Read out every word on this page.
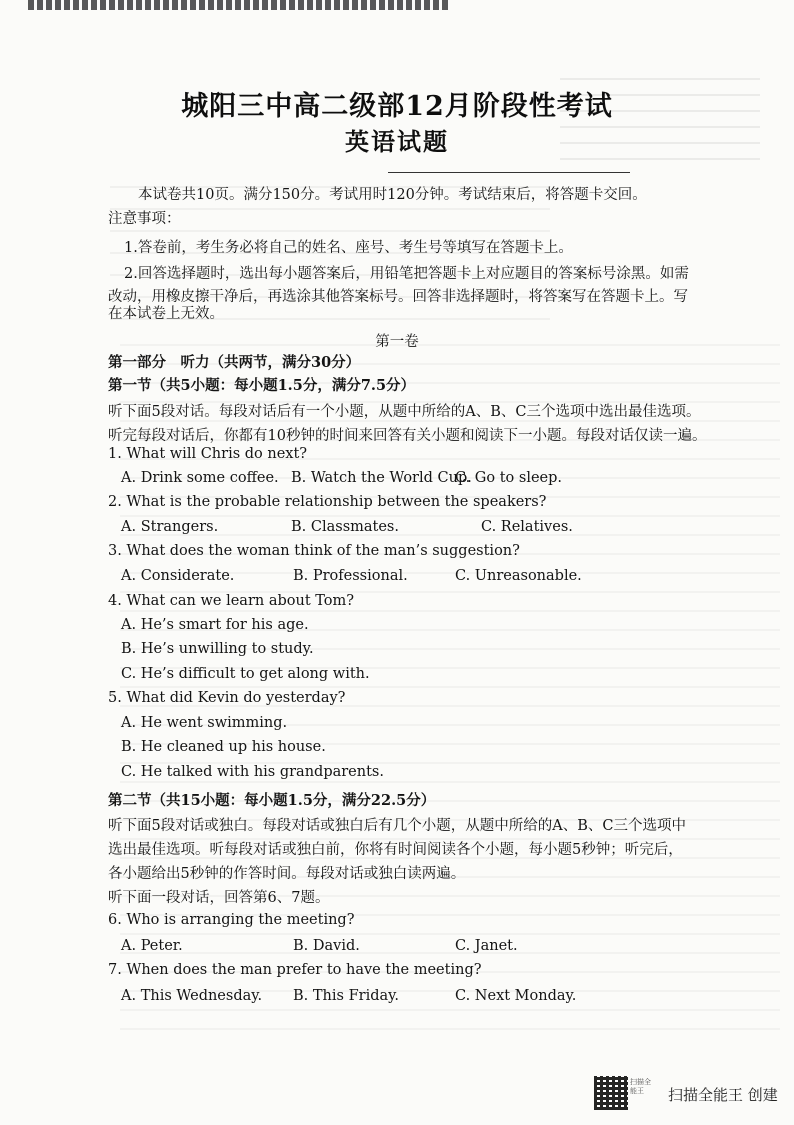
城阳三中高二级部12月阶段性考试
英语试题
本试卷共10页。满分150分。考试用时120分钟。考试结束后，将答题卡交回。
注意事项：
1.答卷前，考生务必将自己的姓名、座号、考生号等填写在答题卡上。
2.回答选择题时，选出每小题答案后，用铅笔把答题卡上对应题目的答案标号涂黑。如需
改动，用橡皮擦干净后，再选涂其他答案标号。回答非选择题时，将答案写在答题卡上。写
在本试卷上无效。
第一卷
第一部分　听力（共两节，满分30分）
第一节（共5小题：每小题1.5分，满分7.5分）
听下面5段对话。每段对话后有一个小题，从题中所给的A、B、C三个选项中选出最佳选项。
听完每段对话后，你都有10秒钟的时间来回答有关小题和阅读下一小题。每段对话仅读一遍。
1. What will Chris do next?
A. Drink some coffee. B. Watch the World Cup.
C. Go to sleep.
2. What is the probable relationship between the speakers?
A. Strangers.	B. Classmates.	C. Relatives.
3. What does the woman think of the man’s suggestion?
A. Considerate.	B. Professional.	C. Unreasonable.
4. What can we learn about Tom?
A. He’s smart for his age.
B. He’s unwilling to study.
C. He’s difficult to get along with.
5. What did Kevin do yesterday?
A. He went swimming.
B. He cleaned up his house.
C. He talked with his grandparents.
第二节（共15小题：每小题1.5分，满分22.5分）
听下面5段对话或独白。每段对话或独白后有几个小题，从题中所给的A、B、C三个选项中
选出最佳选项。听每段对话或独白前，你将有时间阅读各个小题，每小题5秒钟；听完后，
各小题给出5秒钟的作答时间。每段对话或独白读两遍。
听下面一段对话，回答第6、7题。
6. Who is arranging the meeting?
A. Peter.	B. David.	C. Janet.
7. When does the man prefer to have the meeting?
A. This Wednesday. B. This Friday.	C. Next Monday.
扫描全能王	扫描全能王 创建
